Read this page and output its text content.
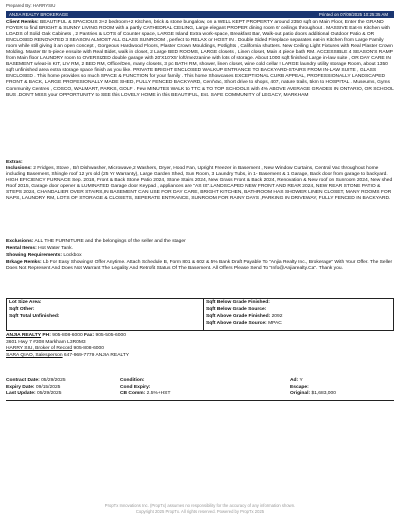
Prepared By: HARRYSIU
ANJIA REALTY BROKERAGE	Printed on 07/09/2025 10:25:35 AM
Client Remks: BEAUTIFUL & SPACIOUS 3+2 bedroom+2 Kitchen, brick & stone bungalow, on a WELL KEPT PROPERTY around 2350 sqft on Main Floor, Enter the GRAND FOYER to find BRIGHT & SUNNY LIVING ROOM with a partly CATHEDRAL CEILING, Large elegant PROPER dining room 6' ceilings throughout . MASSIVE Eat-In Kitchen with LOADS of Solid Oak Cabinets , 2 Pantries & LOTS of Counter space, LARGE Island Extra work-space, Breakfast Bar, Walk-out patio doors additional Outdoor Patio & OR ENCLOSED RENOVATED 3 SEASON ALMOST ALL GLASS SUNROOM , perfect to RELAX or HOST IN . Double Sided Fireplace separates eat-in Kitchen from Large Family room while still giving it an open concept , Gorgeous Hardwood Floors, Plaster Crown Mouldings, Potlights , California shutters. New Ceiling Light Fixtures with Real Plaster Crown Molding. Master Br 5-piece ensuite with Real Bidet, walk in closet, 2 Large BED ROOMS, LARGE closets , Linen closet, Main 4 piece bath RM. ACCESSIBLE 4 SEASON'S RAMP from Main floor LAUNDRY room to OVERSIZED double garage with 20'X10'X5' loft/mezzanine with lots of storage. About 1000 sqft finished Large in-law suite , OR DAY CARE IN BASEMENT w/eat-in KIT, LIV RM, 2 BED RM, Office/Den, many closets, 3 pc BATH RM, shower, linen closet, wine cold cellar ! LARGE laundry utility storage Room, about 1350 sqft unfinished area extra storage space finish as you like. PRIVATE BRIGHT ENCLOSED WALKUP ENTRANCE TO BACKYARD-STAIRS FROM IN-LAW SUITE , GLASS ENCLOSED . This home provides so much SPACE & FUNCTION for your family . This home Showcases EXCEPTIONAL CURB APPEAL, PROFESSIONALLY LANDSCAPED FRONT & BACK, LARGE PROFESIONALLY MADE SHED, FULLY FENCED BACKYARD, Cen/Vac, Short drive to shops, 407, nature trails, 5km to HOSPITAL . Museums, Gyms Community Centres , COSCO, WALMART, PARKS, GOLF . Few MINUTES WALK to TTC & TO TOP SCHOOLS with 4% ABOVE AVERAGE GRADES IN ONTARIO, OR SCHOOL BUS .DON'T MISS your OPPORTUNITY to SEE this LOVELY HOME in this BEAUTIFUL, Est. SAFE COMMUNITY of LEGACY, MARKHAM
Extras:
Inclusions: 2 Fridges, Stove , B/I Dishwasher, Microwave,2 Washers, Dryer, Hood Fan, Upright Freezer in Basement , New Window Curtains, Central Vac throughout home including Basement, Shingle roof 12 yrs old (25 Yr Warranty), Large Garden Shed, Sun Room, 3 Laundry Tubs, in 1- Basement & 1 Garage, Back door from garage to backyard. HIGH EFICIENCY FURNACE Sep. 2018, Front & Back Stone Patio 2024, Stone Stairs 2024, New Grass Front & Back 2024, Renovation & New roof on Sunroom 2024, New shed Roof 2015, Garage door opener & LUMINATED Garage door Keypad , appliances are "AS IS".LANDSCAPED NEW FRONT AND REAR 2024, NEW REAR STONE PATIO & STEPS 2024, CHANDALIER OVER STAIRS,IN BASEMENT CAN USE FOR DAY CARE, BRIGHT KITCHEN, BATHROOM HAS SHOWER LINEN CLOSET, MANY ROOMS FOR NAPS, LAUNDRY RM, LOTS OF STORAGE & CLOSETS, SEPERATE ENTRANCE, SUNROOM FOR RAINY DAYS ,PARKING IN DRIVEWAY, FULLY FENCED IN BACKYARD.
Exclusions: ALL THE FURNITURE and the belongings of the seller and the stager
Rental Items: Hot Water Tank.
Showing Requirements: Lockbox
Brkage Remks: Lb For Easy Showings! Offer Anytime. Attach Schedule B, Form 801 & 602 & 5% Bank Draft Payable To "Anjia Realty Inc., Brokerage" With Your Offer. The Seller Does Not Represent And Does Not Warrant The Legality And Retrofit Status Of The Basement. All Offers Please Send To "Info@Anjiarealty.Ca". Thank you.
Lot Size Area:
Sqft Other:
Sqft Total Unfinished:
Sqft Below Grade Finished:
Sqft Below Grade Source:
Sqft Above Grade Finished: 2092
Sqft Above Grade Source: MPAC
ANJIA REALTY PH: 905-808-6000 Fax: 905-505-6000
3601 Hwy 7 #308 Markham L3R0M3
HARRY SIU, Broker of Record 905-808-6000
SARA QIAO, Salesperson 647-969-7779 ANJIA REALTY
Contract Date: 05/29/2025
Expiry Date: 09/15/2025
Last Update: 05/29/2025
Condition:
Cond Expiry:
CB Comm: 2.5%+HST
Ad: Y
Escape:
Original: $1,683,000
PropTx Innovations Inc. (PropTx) assumes no responsibility for the accuracy of any information shown.
Copyright 2025 PropTx. All rights reserved. Powered by PropTx 2025
